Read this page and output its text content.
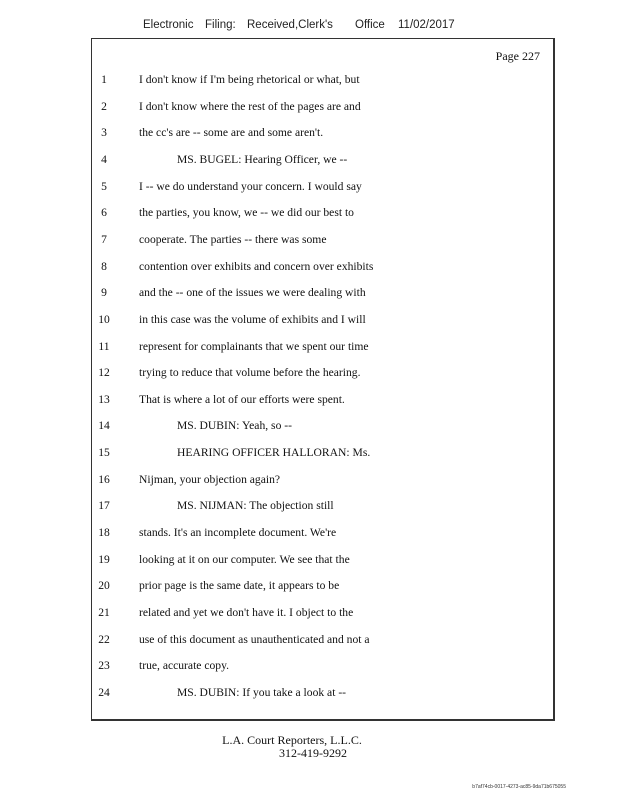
Electronic Filing: Received,Clerk's Office 11/02/2017
Page 227
1	I don't know if I'm being rhetorical or what, but
2	I don't know where the rest of the pages are and
3	the cc's are -- some are and some aren't.
4	MS. BUGEL: Hearing Officer, we --
5	I -- we do understand your concern. I would say
6	the parties, you know, we -- we did our best to
7	cooperate. The parties -- there was some
8	contention over exhibits and concern over exhibits
9	and the -- one of the issues we were dealing with
10	in this case was the volume of exhibits and I will
11	represent for complainants that we spent our time
12	trying to reduce that volume before the hearing.
13	That is where a lot of our efforts were spent.
14	MS. DUBIN: Yeah, so --
15	HEARING OFFICER HALLORAN: Ms.
16	Nijman, your objection again?
17	MS. NIJMAN: The objection still
18	stands. It's an incomplete document. We're
19	looking at it on our computer. We see that the
20	prior page is the same date, it appears to be
21	related and yet we don't have it. I object to the
22	use of this document as unauthenticated and not a
23	true, accurate copy.
24	MS. DUBIN: If you take a look at --
L.A. Court Reporters, L.L.C.
312-419-9292
b7af74cb-0017-4273-ac85-9da71b675055
